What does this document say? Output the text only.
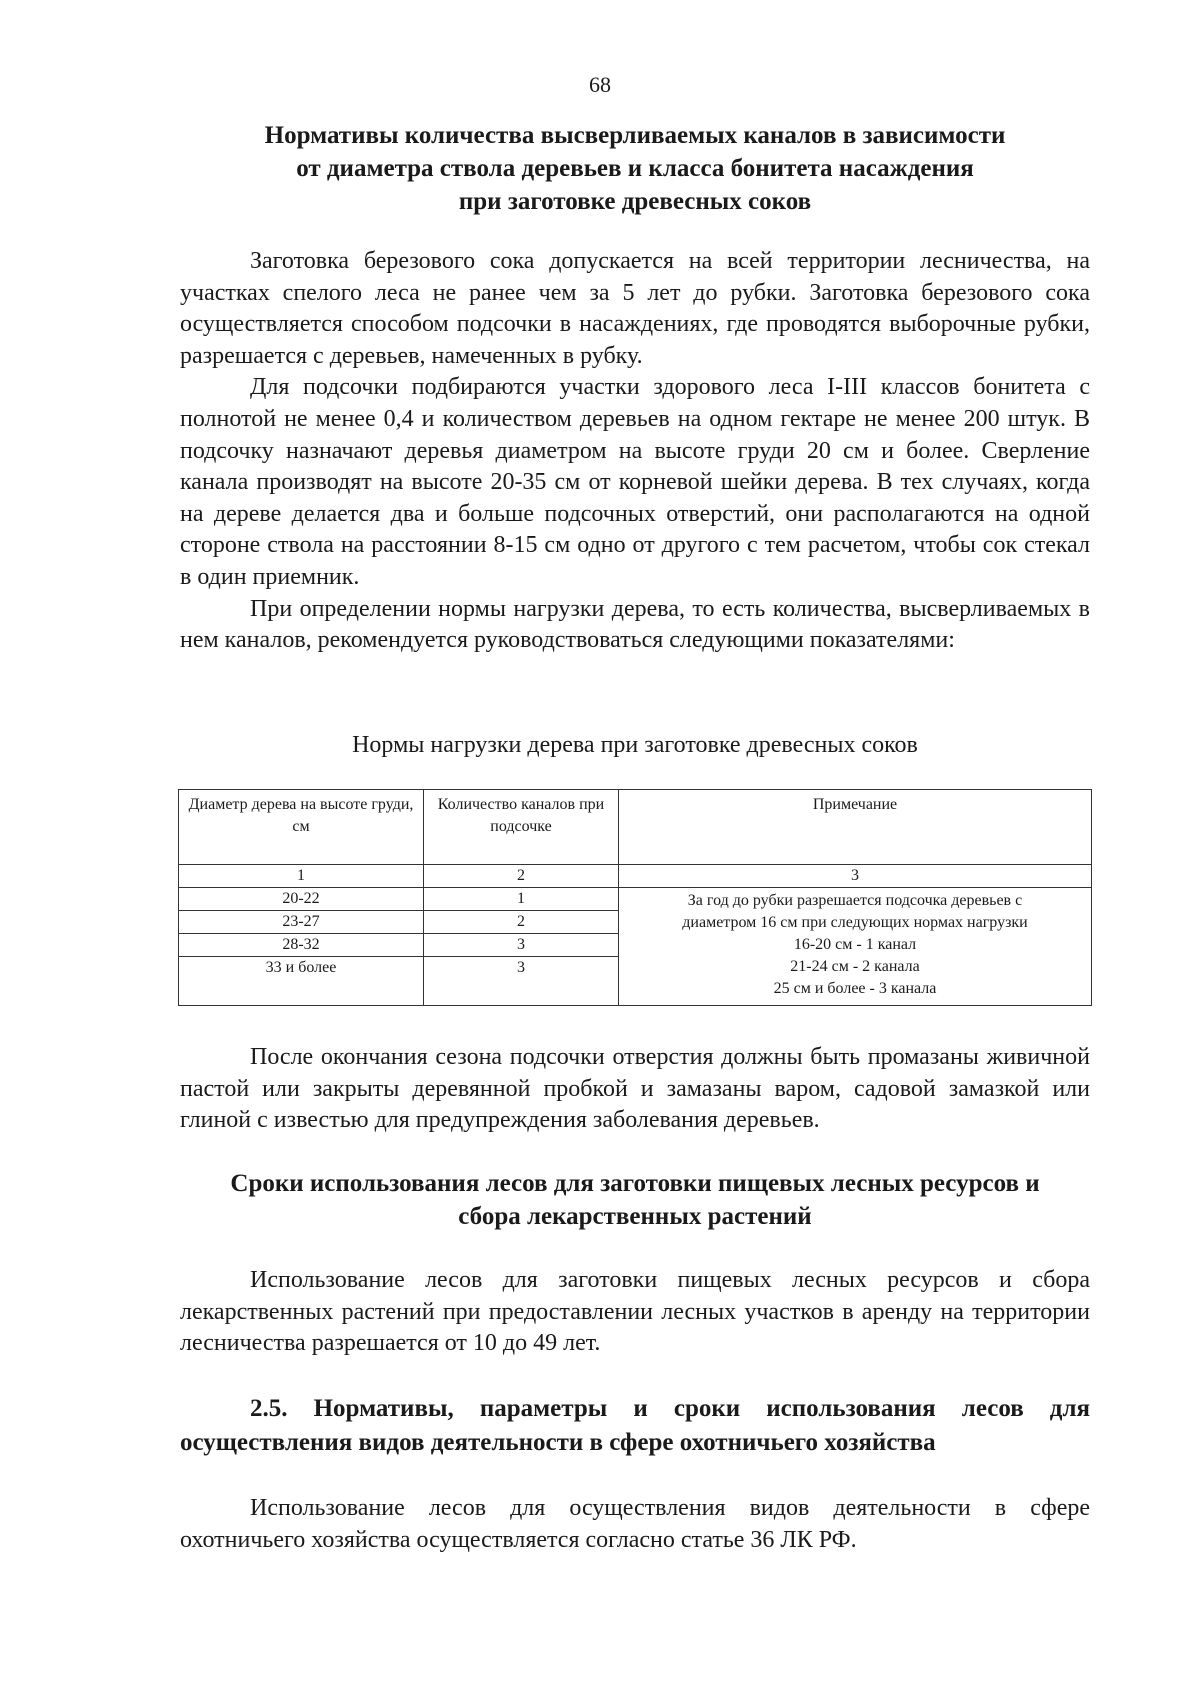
68
Нормативы количества высверливаемых каналов в зависимости
от диаметра ствола деревьев и класса бонитета насаждения
при заготовке древесных соков

Заготовка березового сока допускается на всей территории лесничества, на участках спелого леса не ранее чем за 5 лет до рубки. Заготовка березового сока осуществляется способом подсочки в насаждениях, где проводятся выборочные рубки, разрешается с деревьев, намеченных в рубку.

Для подсочки подбираются участки здорового леса I-III классов бонитета с полнотой не менее 0,4 и количеством деревьев на одном гектаре не менее 200 штук. В подсочку назначают деревья диаметром на высоте груди 20 см и более. Сверление канала производят на высоте 20-35 см от корневой шейки дерева. В тех случаях, когда на дереве делается два и больше подсочных отверстий, они располагаются на одной стороне ствола на расстоянии 8-15 см одно от другого с тем расчетом, чтобы сок стекал в один приемник.

При определении нормы нагрузки дерева, то есть количества, высверливаемых в нем каналов, рекомендуется руководствоваться следующими показателями:

Нормы нагрузки дерева при заготовке древесных соков
Диаметр дерева на высоте груди, см	Количество каналов при подсочке	Примечание
1	2	3
20-22	1	За год до рубки разрешается подсочка деревьев с
диаметром 16 см при следующих нормах нагрузки
16-20 см - 1 канал
21-24 см - 2 канала
25 см и более - 3 канала

23-27	2	
28-32	3	
33 и более	3	

После окончания сезона подсочки отверстия должны быть промазаны живичной пастой или закрыты деревянной пробкой и замазаны варом, садовой замазкой или глиной с известью для предупреждения заболевания деревьев.

Сроки использования лесов для заготовки пищевых лесных ресурсов и
сбора лекарственных растений

Использование лесов для заготовки пищевых лесных ресурсов и сбора лекарственных растений при предоставлении лесных участков в аренду на территории лесничества разрешается от 10 до 49 лет.

2.5. Нормативы, параметры и сроки использования лесов для
осуществления видов деятельности в сфере охотничьего хозяйства

Использование лесов для осуществления видов деятельности в сфере охотничьего хозяйства осуществляется согласно статье 36 ЛК РФ.
